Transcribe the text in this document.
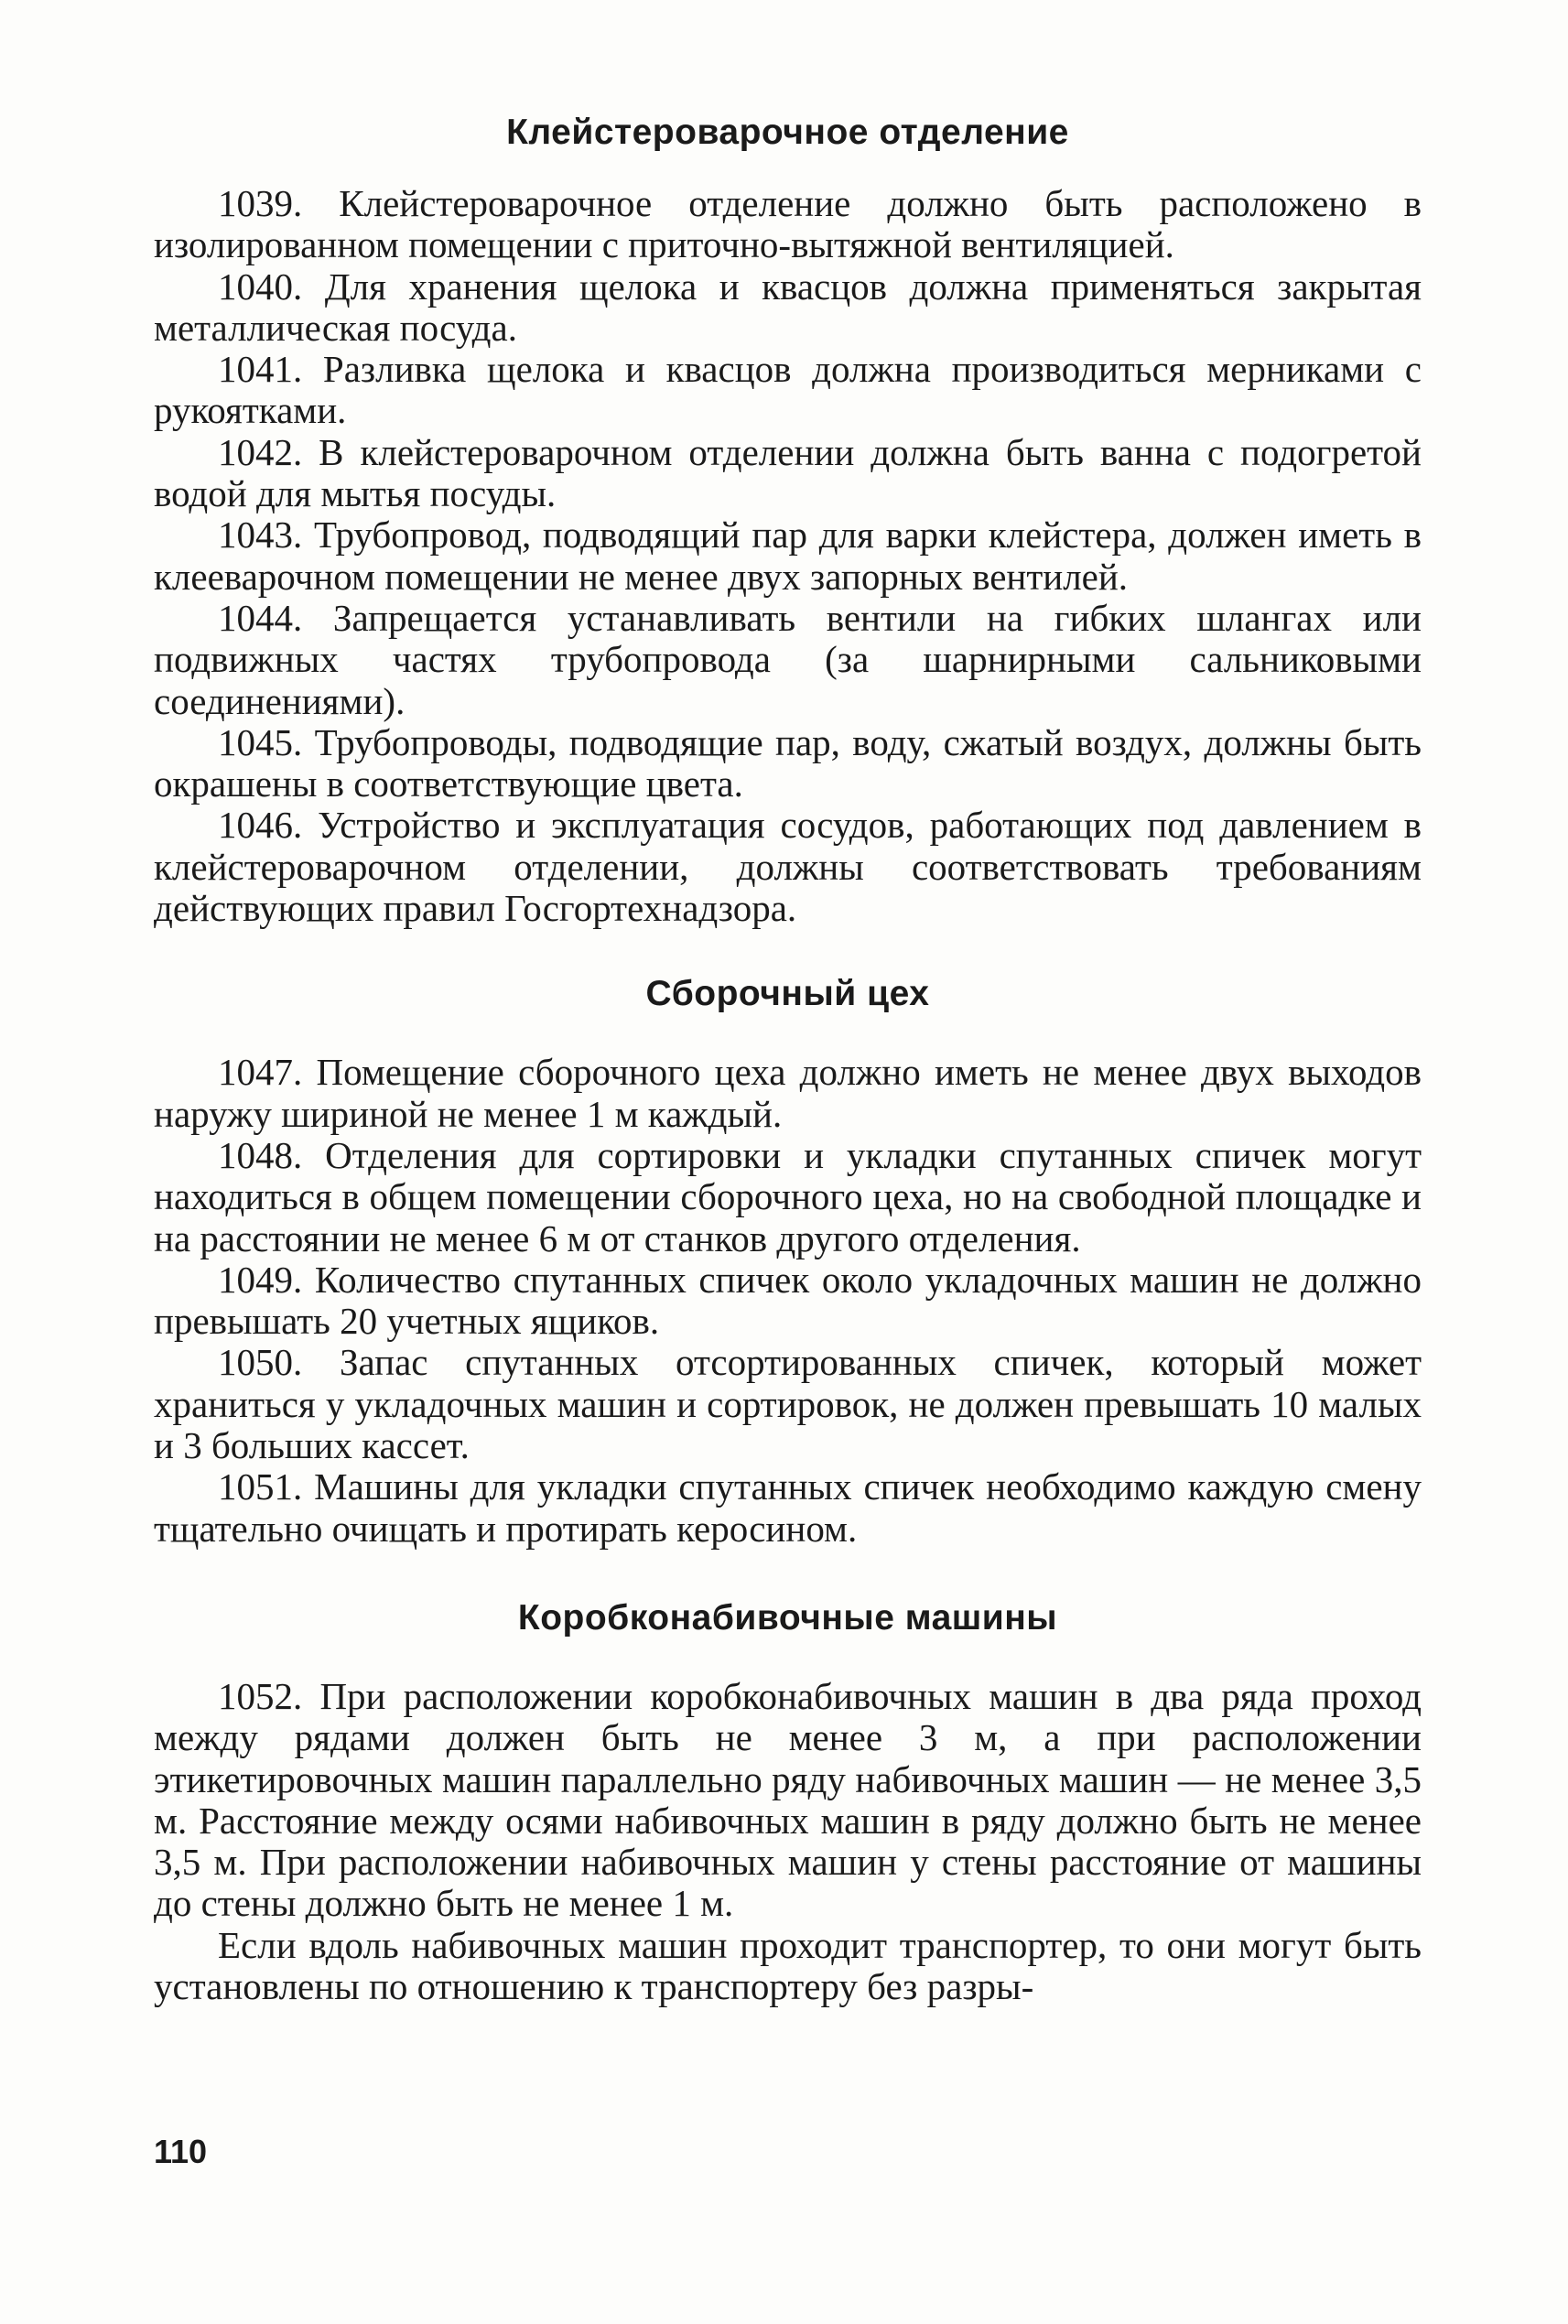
Клейстероварочное отделение

1039. Клейстероварочное отделение должно быть расположено в изолированном помещении с приточно-вытяжной вентиляцией.

1040. Для хранения щелока и квасцов должна применяться закрытая металлическая посуда.

1041. Разливка щелока и квасцов должна производиться мерниками с рукоятками.

1042. В клейстероварочном отделении должна быть ванна с подогретой водой для мытья посуды.

1043. Трубопровод, подводящий пар для варки клейстера, должен иметь в клееварочном помещении не менее двух запорных вентилей.

1044. Запрещается устанавливать вентили на гибких шлангах или подвижных частях трубопровода (за шарнирными сальниковыми соединениями).

1045. Трубопроводы, подводящие пар, воду, сжатый воздух, должны быть окрашены в соответствующие цвета.

1046. Устройство и эксплуатация сосудов, работающих под давлением в клейстероварочном отделении, должны соответствовать требованиям действующих правил Госгортехнадзора.

Сборочный цех

1047. Помещение сборочного цеха должно иметь не менее двух выходов наружу шириной не менее 1 м каждый.

1048. Отделения для сортировки и укладки спутанных спичек могут находиться в общем помещении сборочного цеха, но на свободной площадке и на расстоянии не менее 6 м от станков другого отделения.

1049. Количество спутанных спичек около укладочных машин не должно превышать 20 учетных ящиков.

1050. Запас спутанных отсортированных спичек, который может храниться у укладочных машин и сортировок, не должен превышать 10 малых и 3 больших кассет.

1051. Машины для укладки спутанных спичек необходимо каждую смену тщательно очищать и протирать керосином.

Коробконабивочные машины

1052. При расположении коробконабивочных машин в два ряда проход между рядами должен быть не менее 3 м, а при расположении этикетировочных машин параллельно ряду набивочных машин — не менее 3,5 м. Расстояние между осями набивочных машин в ряду должно быть не менее 3,5 м. При расположении набивочных машин у стены расстояние от машины до стены должно быть не менее 1 м.

Если вдоль набивочных машин проходит транспортер, то они могут быть установлены по отношению к транспортеру без разры-

110
